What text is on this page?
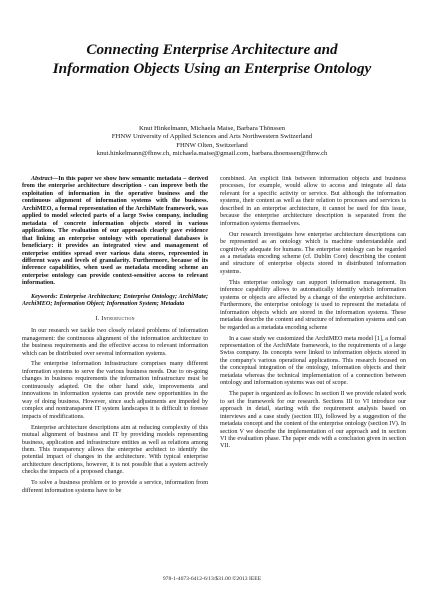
Connecting Enterprise Architecture and
Information Objects Using an Enterprise Ontology
Knut Hinkelmann, Michaela Maise, Barbara Thönssen
FHNW University of Applied Sciences and Arts Northwestern Switzerland
FHNW Olten, Switzerland
knut.hinkelmann@fhnw.ch, michaela.maise@gmail.com, barbara.thoenssen@fhnw.ch

Abstract—In this paper we show how semantic metadata – derived from the enterprise architecture description - can improve both the exploitation of information in the operative business and the continuous alignment of information systems with the business. ArchiMEO, a formal representation of the ArchiMate framework, was applied to model selected parts of a large Swiss company, including metadata of concrete information objects stored in various applications. The evaluation of our approach clearly gave evidence that linking an enterprise ontology with operational databases is beneficiary: it provides an integrated view and management of enterprise entities spread over various data stores, represented in different ways and levels of granularity. Furthermore, because of its inference capabilities, when used as metadata encoding scheme an enterprise ontology can provide context-sensitive access to relevant information.

Keywords: Enterprise Architecture; Enterprise Ontology; ArchiMate; ArchiMEO; Information Object; Information System; Metadata

I. Introduction

In our research we tackle two closely related problems of information management: the continuous alignment of the information architecture to the business requirements and the effective access to relevant information which can be distributed over several information systems.

The enterprise information infrastructure comprises many different information systems to serve the various business needs. Due to on-going changes in business requirements the information infrastructure must be continuously adapted. On the other hand side, improvements and innovations in information systems can provide new opportunities in the way of doing business. However, since such adjustments are impeded by complex and nontransparent IT system landscapes it is difficult to foresee impacts of modifications.

Enterprise architecture descriptions aim at reducing complexity of this mutual alignment of business and IT by providing models representing business, application and infrastructure entities as well as relations among them. This transparency allows the enterprise architect to identify the potential impact of changes in the architecture. With typical enterprise architecture descriptions, however, it is not possible that a system actively checks the impacts of a proposed change.

To solve a business problem or to provide a service, information from different information systems have to be

combined. An explicit link between information objects and business processes, for example, would allow to access and integrate all data relevant for a specific activity or service. But although the information systems, their content as well as their relation to processes and services is described in an enterprise architecture, it cannot be used for this issue, because the enterprise architecture description is separated from the information systems themselves.

Our research investigates how enterprise architecture descriptions can be represented as an ontology which is machine understandable and cognitively adequate for humans. The enterprise ontology can be regarded as a metadata encoding scheme (cf. Dublin Core) describing the content and structure of enterprise objects stored in distributed information systems.

This enterprise ontology can support information management. Its inference capability allows to automatically identify which information systems or objects are affected by a change of the enterprise architecture. Furthermore, the enterprise ontology is used to represent the metadata of information objects which are stored in the information systems. These metadata describe the content and structure of information systems and can be regarded as a metadata encoding scheme

In a case study we customized the ArchiMEO meta model [1], a formal representation of the ArchiMate framework, to the requirements of a large Swiss company. Its concepts were linked to information objects stored in the company's various operational applications. This research focused on the conceptual integration of the ontology, information objects and their metadata whereas the technical implementation of a connection between ontology and information systems was out of scope.

The paper is organized as follows: In section II we provide related work to set the framework for our research. Sections III to VI introduce our approach in detail, starting with the requirement analysis based on interviews and a case study (section III), followed by a suggestion of the metadata concept and the content of the enterprise ontology (section IV). In section V we describe the implementation of our approach and in section VI the evaluation phase. The paper ends with a conclusion given in section VII.

978-1-4673-6412-6/13/$31.00 ©2013 IEEE
